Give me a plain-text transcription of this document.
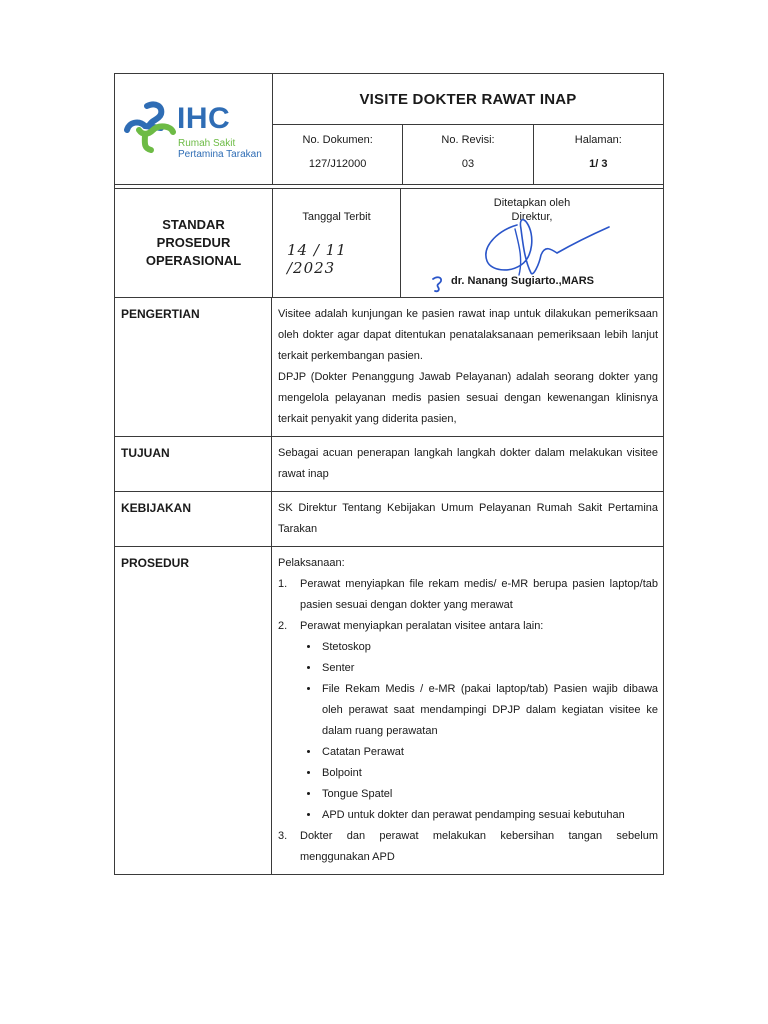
IHC
Rumah Sakit
Pertamina Tarakan
VISITE DOKTER RAWAT INAP
No. Dokumen:
127/J12000
No. Revisi:
03
Halaman:
1/ 3
STANDAR
PROSEDUR
OPERASIONAL
Tanggal Terbit
14 / 11 /2023
Ditetapkan oleh
Direktur,
dr. Nanang Sugiarto.,MARS
PENGERTIAN	Visitee adalah kunjungan ke pasien rawat inap untuk dilakukan pemeriksaan oleh dokter agar dapat ditentukan penatalaksanaan pemeriksaan lebih lanjut terkait perkembangan pasien.
DPJP (Dokter Penanggung Jawab Pelayanan) adalah seorang dokter yang mengelola pelayanan medis pasien sesuai dengan kewenangan klinisnya terkait penyakit yang diderita pasien,
TUJUAN	Sebagai acuan penerapan langkah langkah dokter dalam melakukan visitee rawat inap
KEBIJAKAN	SK Direktur Tentang Kebijakan Umum Pelayanan Rumah Sakit Pertamina Tarakan
PROSEDUR	Pelaksanaan:
1.	Perawat menyiapkan file rekam medis/ e-MR berupa pasien laptop/tab pasien sesuai dengan dokter yang merawat
2.	Perawat menyiapkan peralatan visitee antara lain:
• Stetoskop
• Senter
• File Rekam Medis / e-MR (pakai laptop/tab) Pasien wajib dibawa oleh perawat saat mendampingi DPJP dalam kegiatan visitee ke dalam ruang perawatan
• Catatan Perawat
• Bolpoint
• Tongue Spatel
• APD untuk dokter dan perawat pendamping sesuai kebutuhan
3.	Dokter dan perawat melakukan kebersihan tangan sebelum menggunakan APD
